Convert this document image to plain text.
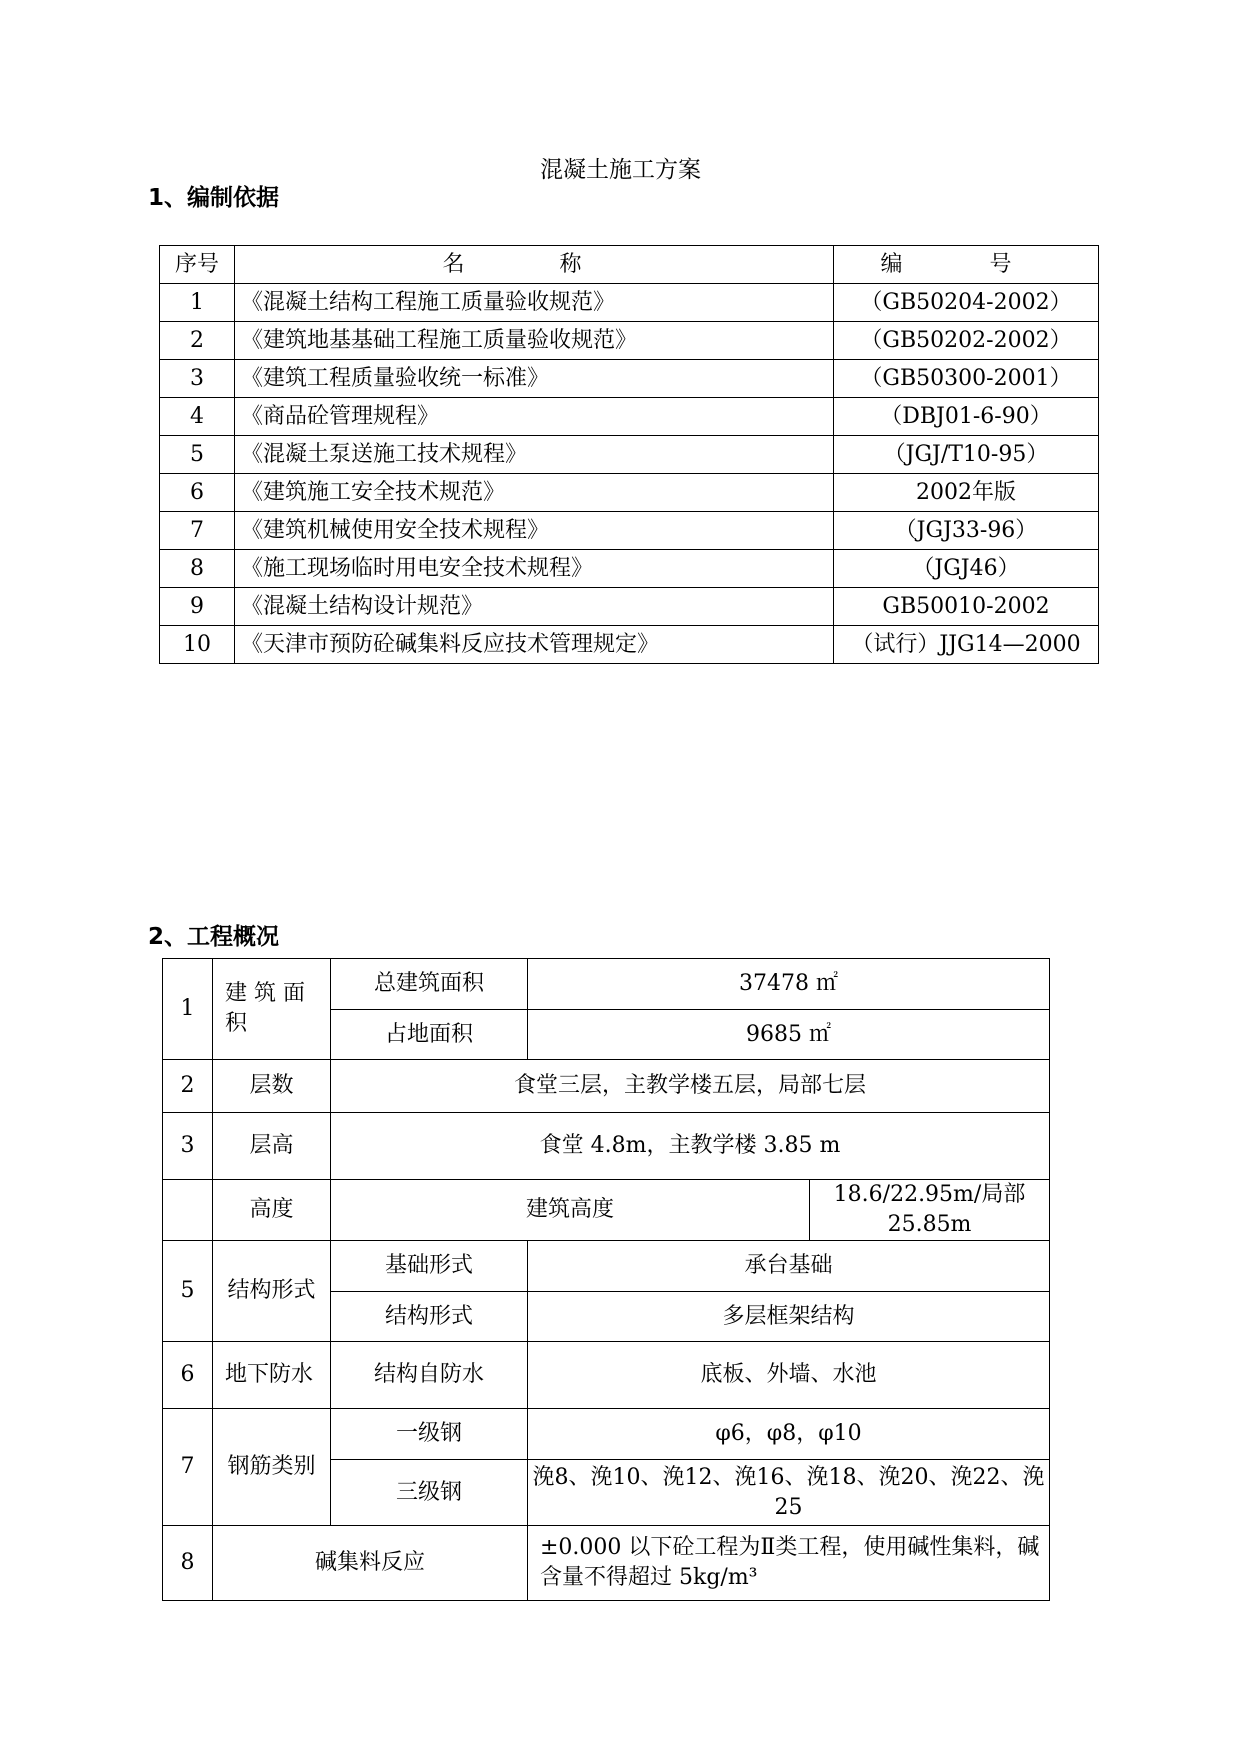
混凝土施工方案
1、编制依据
序号	名 称	编 号
1	《混凝土结构工程施工质量验收规范》	（GB50204-2002）
2	《建筑地基基础工程施工质量验收规范》	（GB50202-2002）
3	《建筑工程质量验收统一标准》	（GB50300-2001）
4	《商品砼管理规程》	（DBJ01-6-90）
5	《混凝土泵送施工技术规程》	（JGJ/T10-95）
6	《建筑施工安全技术规范》	2002年版
7	《建筑机械使用安全技术规程》	（JGJ33-96）
8	《施工现场临时用电安全技术规程》	（JGJ46）
9	《混凝土结构设计规范》	GB50010-2002
10	《天津市预防砼碱集料反应技术管理规定》	（试行）JJG14—2000
2、工程概况
1	建 筑 面积	总建筑面积	37478 ㎡	
		占地面积	9685 ㎡	
2	层数	食堂三层，主教学楼五层，局部七层		
3	层高	食堂 4.8m，主教学楼 3.85 m		
	高度	建筑高度		18.6/22.95m/局部 25.85m
5	结构形式	基础形式	承台基础	
		结构形式	多层框架结构	
6	地下防水	结构自防水	底板、外墙、水池	
7	钢筋类别	一级钢	φ6，φ8，φ10	
		三级钢	浼8、浼10、浼12、浼16、浼18、浼20、浼22、浼25	
8	碱集料反应		±0.000 以下砼工程为Ⅱ类工程，使用碱性集料，碱含量不得超过 5kg/m³	
